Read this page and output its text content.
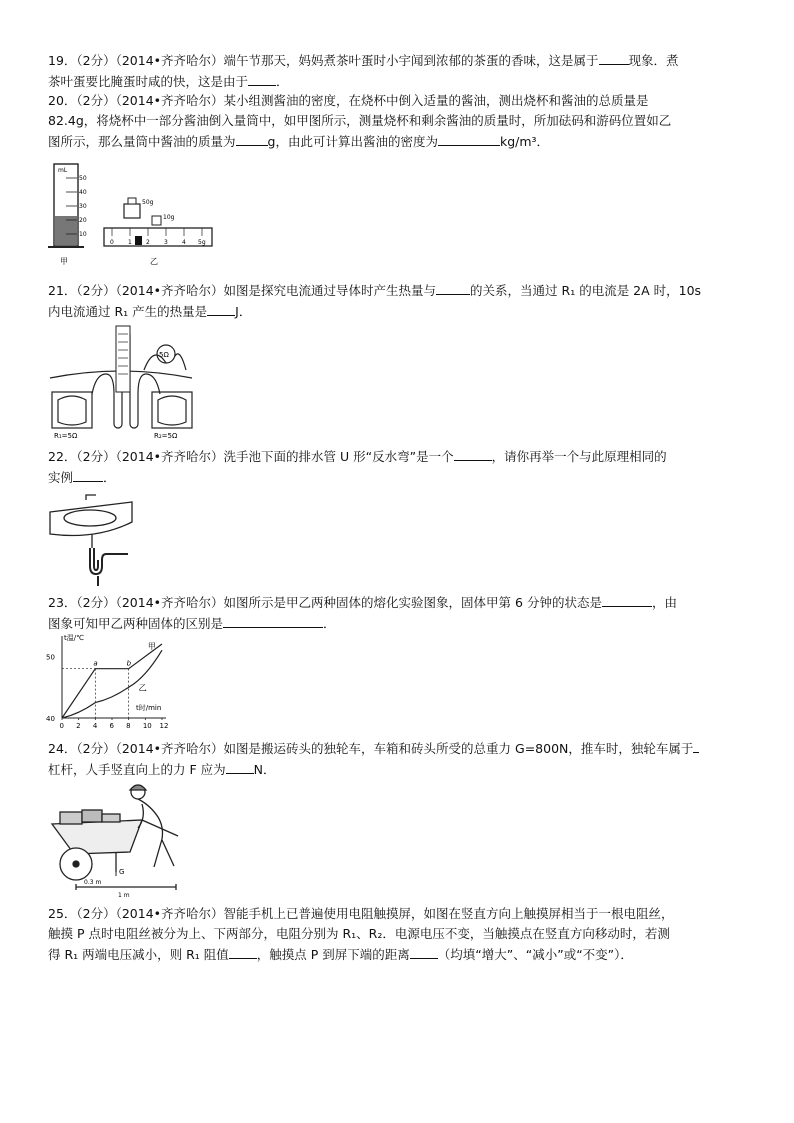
19．（2分）（2014•齐齐哈尔）端午节那天，妈妈煮茶叶蛋时小宇闻到浓郁的茶蛋的香味，这是属于 现象．煮
茶叶蛋要比腌蛋时咸的快，这是由于 ．
20．（2分）（2014•齐齐哈尔）某小组测酱油的密度，在烧杯中倒入适量的酱油，测出烧杯和酱油的总质量是
82.4g，将烧杯中一部分酱油倒入量筒中，如甲图所示，测量烧杯和剩余酱油的质量时，所加砝码和游码位置如乙
图所示，那么量筒中酱油的质量为	g，由此可计算出酱油的密度为	kg/m³．
mL
50
40
30
20
10
甲
50g
10g
0 1 2 3 4 5g
乙
21．（2分）（2014•齐齐哈尔）如图是探究电流通过导体时产生热量与	的关系，当通过 R₁ 的电流是 2A 时，10s
内电流通过 R₁ 产生的热量是 J．
5Ω
R₁=5Ω	R₂=5Ω
22．（2分）（2014•齐齐哈尔）洗手池下面的排水管 U 形“反水弯”是一个	，请你再举一个与此原理相同的
实例 ．
23．（2分）（2014•齐齐哈尔）如图所示是甲乙两种固体的熔化实验图象，固体甲第 6 分钟的状态是	，由
图象可知甲乙两种固体的区别是	．
t温/℃
t时/min
0 2 4 6 8 10 12
40
50
甲
乙
a	b
24．（2分）（2014•齐齐哈尔）如图是搬运砖头的独轮车，车箱和砖头所受的总重力 G=800N，推车时，独轮车属于
杠杆，人手竖直向上的力 F 应为 N．
G
0.3 m
1 m
25．（2分）（2014•齐齐哈尔）智能手机上已普遍使用电阻触摸屏，如图在竖直方向上触摸屏相当于一根电阻丝，
触摸 P 点时电阻丝被分为上、下两部分，电阻分别为 R₁、R₂．电源电压不变，当触摸点在竖直方向移动时，若测
得 R₁ 两端电压减小，则 R₁ 阻值 ，触摸点 P 到屏下端的距离 （均填“增大”、“减小”或“不变”）．
